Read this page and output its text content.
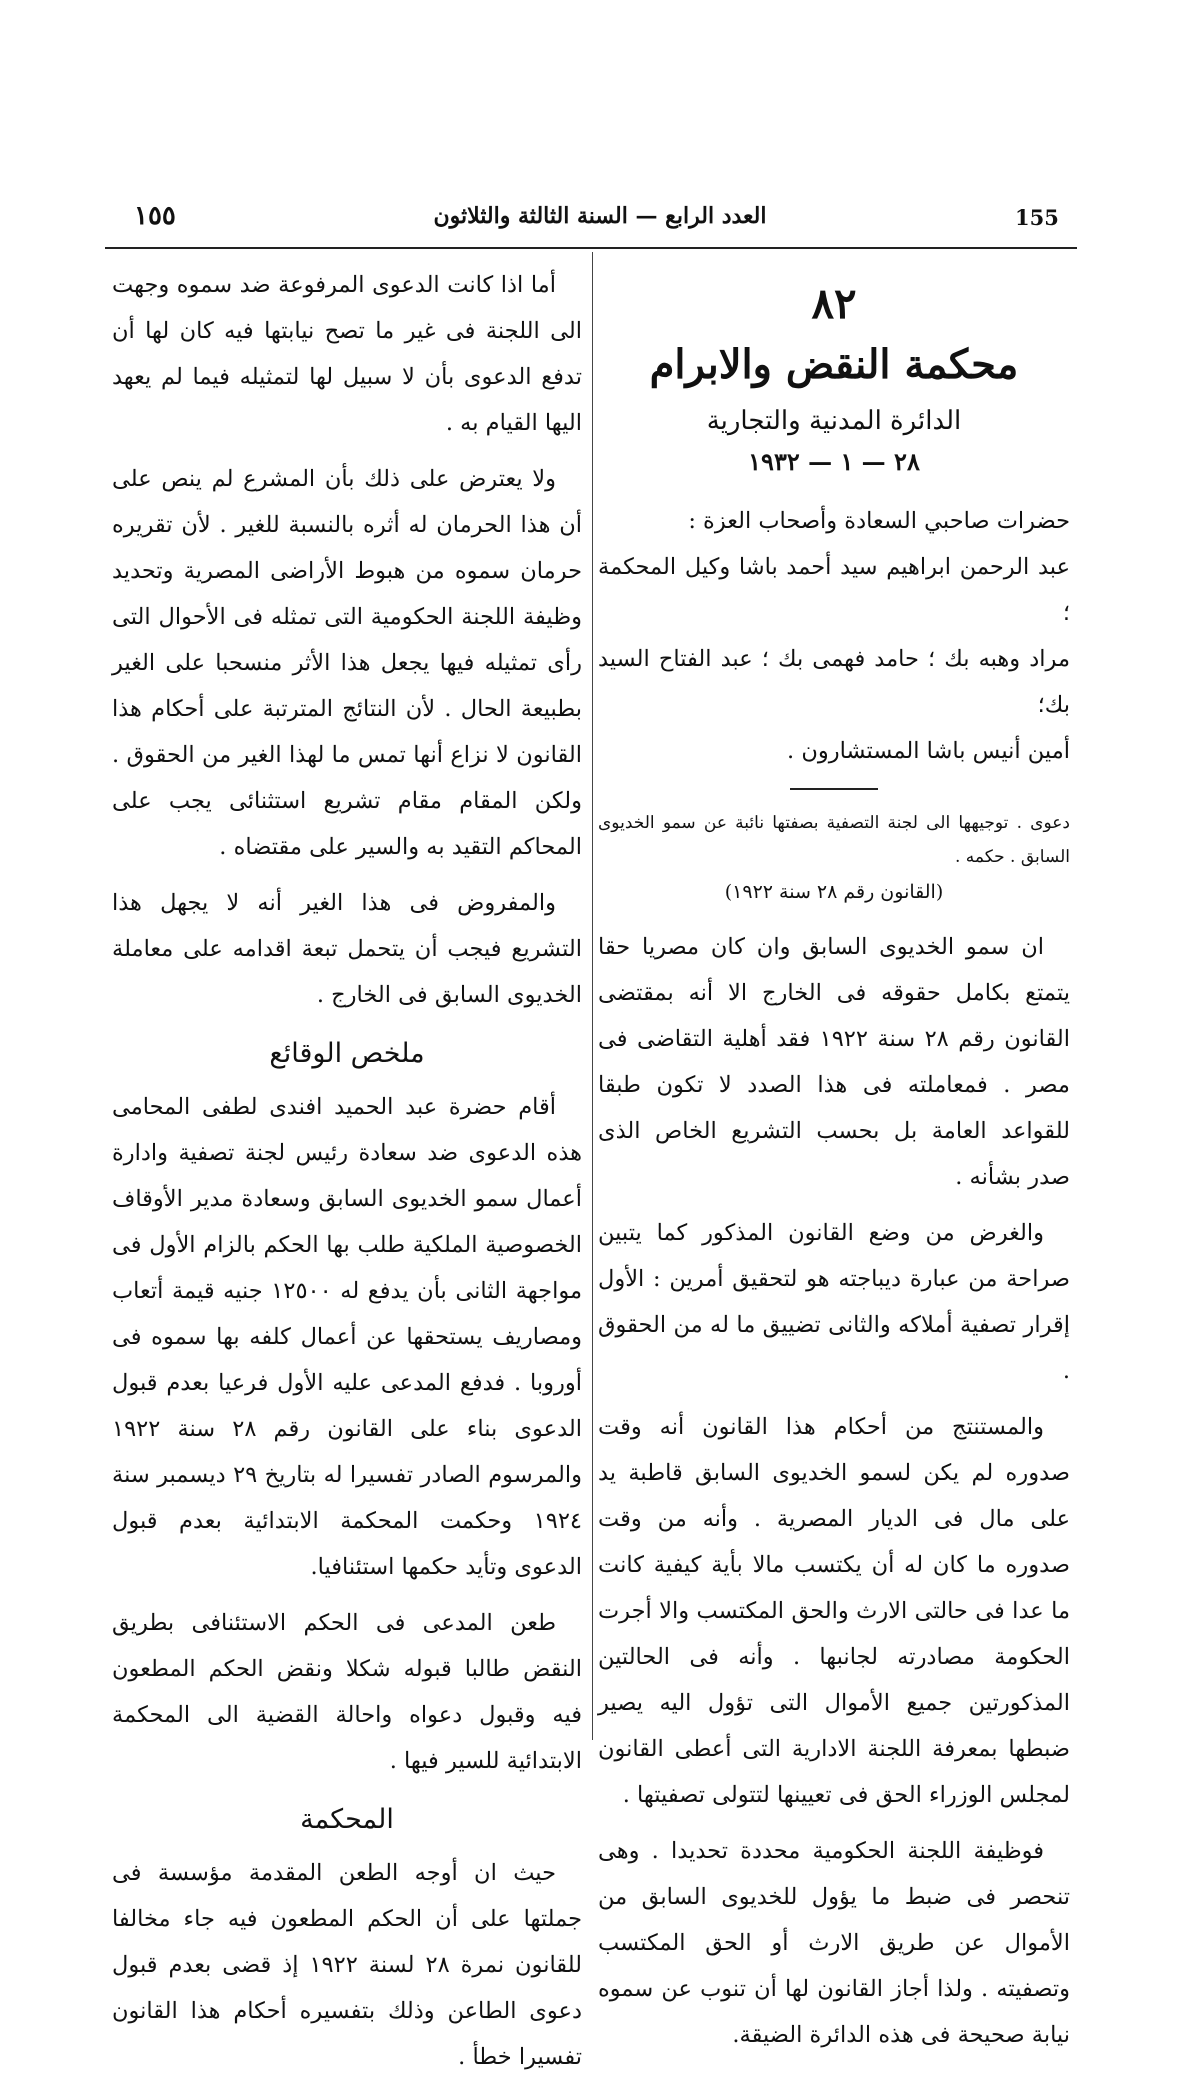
155
العدد الرابع — السنة الثالثة والثلاثون
١٥٥
٨٢
محكمة النقض والابرام
الدائرة المدنية والتجارية
٢٨ — ١ — ١٩٣٢

حضرات صاحبي السعادة وأصحاب العزة :

عبد الرحمن ابراهيم سيد أحمد باشا وكيل المحكمة ؛

مراد وهبه بك ؛ حامد فهمى بك ؛ عبد الفتاح السيد بك؛

أمين أنيس باشا المستشارون .

دعوى . توجيهها الى لجنة التصفية بصفتها نائبة عن سمو الخديوى السابق . حكمه .

(القانون رقم ٢٨ سنة ١٩٢٢)

ان سمو الخديوى السابق وان كان مصريا حقا يتمتع بكامل حقوقه فى الخارج الا أنه بمقتضى القانون رقم ٢٨ سنة ١٩٢٢ فقد أهلية التقاضى فى مصر . فمعاملته فى هذا الصدد لا تكون طبقا للقواعد العامة بل بحسب التشريع الخاص الذى صدر بشأنه .

والغرض من وضع القانون المذكور كما يتبين صراحة من عبارة ديباجته هو لتحقيق أمرين : الأول إقرار تصفية أملاكه والثانى تضييق ما له من الحقوق .

والمستنتج من أحكام هذا القانون أنه وقت صدوره لم يكن لسمو الخديوى السابق قاطبة يد على مال فى الديار المصرية . وأنه من وقت صدوره ما كان له أن يكتسب مالا بأية كيفية كانت ما عدا فى حالتى الارث والحق المكتسب والا أجرت الحكومة مصادرته لجانبها . وأنه فى الحالتين المذكورتين جميع الأموال التى تؤول اليه يصير ضبطها بمعرفة اللجنة الادارية التى أعطى القانون لمجلس الوزراء الحق فى تعيينها لتتولى تصفيتها .

فوظيفة اللجنة الحكومية محددة تحديدا . وهى تنحصر فى ضبط ما يؤول للخديوى السابق من الأموال عن طريق الارث أو الحق المكتسب وتصفيته . ولذا أجاز القانون لها أن تنوب عن سموه نيابة صحيحة فى هذه الدائرة الضيقة.

أما اذا كانت الدعوى المرفوعة ضد سموه وجهت الى اللجنة فى غير ما تصح نيابتها فيه كان لها أن تدفع الدعوى بأن لا سبيل لها لتمثيله فيما لم يعهد اليها القيام به .

ولا يعترض على ذلك بأن المشرع لم ينص على أن هذا الحرمان له أثره بالنسبة للغير . لأن تقريره حرمان سموه من هبوط الأراضى المصرية وتحديد وظيفة اللجنة الحكومية التى تمثله فى الأحوال التى رأى تمثيله فيها يجعل هذا الأثر منسحبا على الغير بطبيعة الحال . لأن النتائج المترتبة على أحكام هذا القانون لا نزاع أنها تمس ما لهذا الغير من الحقوق . ولكن المقام مقام تشريع استثنائى يجب على المحاكم التقيد به والسير على مقتضاه .

والمفروض فى هذا الغير أنه لا يجهل هذا التشريع فيجب أن يتحمل تبعة اقدامه على معاملة الخديوى السابق فى الخارج .

ملخص الوقائع

أقام حضرة عبد الحميد افندى لطفى المحامى هذه الدعوى ضد سعادة رئيس لجنة تصفية وادارة أعمال سمو الخديوى السابق وسعادة مدير الأوقاف الخصوصية الملكية طلب بها الحكم بالزام الأول فى مواجهة الثانى بأن يدفع له ١٢٥٠٠ جنيه قيمة أتعاب ومصاريف يستحقها عن أعمال كلفه بها سموه فى أوروبا . فدفع المدعى عليه الأول فرعيا بعدم قبول الدعوى بناء على القانون رقم ٢٨ سنة ١٩٢٢ والمرسوم الصادر تفسيرا له بتاريخ ٢٩ ديسمبر سنة ١٩٢٤ وحكمت المحكمة الابتدائية بعدم قبول الدعوى وتأيد حكمها استئنافيا.

طعن المدعى فى الحكم الاستئنافى بطريق النقض طالبا قبوله شكلا ونقض الحكم المطعون فيه وقبول دعواه واحالة القضية الى المحكمة الابتدائية للسير فيها .

المحكمة

حيث ان أوجه الطعن المقدمة مؤسسة فى جملتها على أن الحكم المطعون فيه جاء مخالفا للقانون نمرة ٢٨ لسنة ١٩٢٢ إذ قضى بعدم قبول دعوى الطاعن وذلك بتفسيره أحكام هذا القانون تفسيرا خطأ .
